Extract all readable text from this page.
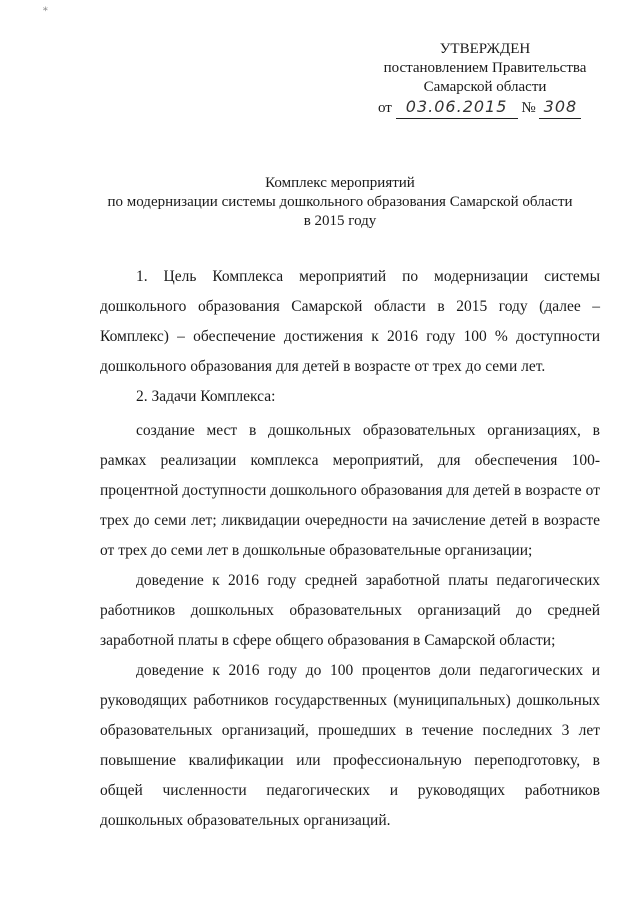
∗
УТВЕРЖДЕН
постановлением Правительства
Самарской области
от 03.06.2015 № 308
Комплекс мероприятий
по модернизации системы дошкольного образования Самарской области
в 2015 году

1. Цель Комплекса мероприятий по модернизации системы дошкольного образования Самарской области в 2015 году (далее – Комплекс) – обеспечение достижения к 2016 году 100 % доступности дошкольного образования для детей в возрасте от трех до семи лет.

2. Задачи Комплекса:

создание мест в дошкольных образовательных организациях, в рамках реализации комплекса мероприятий, для обеспечения 100-процентной доступности дошкольного образования для детей в возрасте от трех до семи лет; ликвидации очередности на зачисление детей в возрасте от трех до семи лет в дошкольные образовательные организации;

доведение к 2016 году средней заработной платы педагогических работников дошкольных образовательных организаций до средней заработной платы в сфере общего образования в Самарской области;

доведение к 2016 году до 100 процентов доли педагогических и руководящих работников государственных (муниципальных) дошкольных образовательных организаций, прошедших в течение последних 3 лет повышение квалификации или профессиональную переподготовку, в общей численности педагогических и руководящих работников дошкольных образовательных организаций.
